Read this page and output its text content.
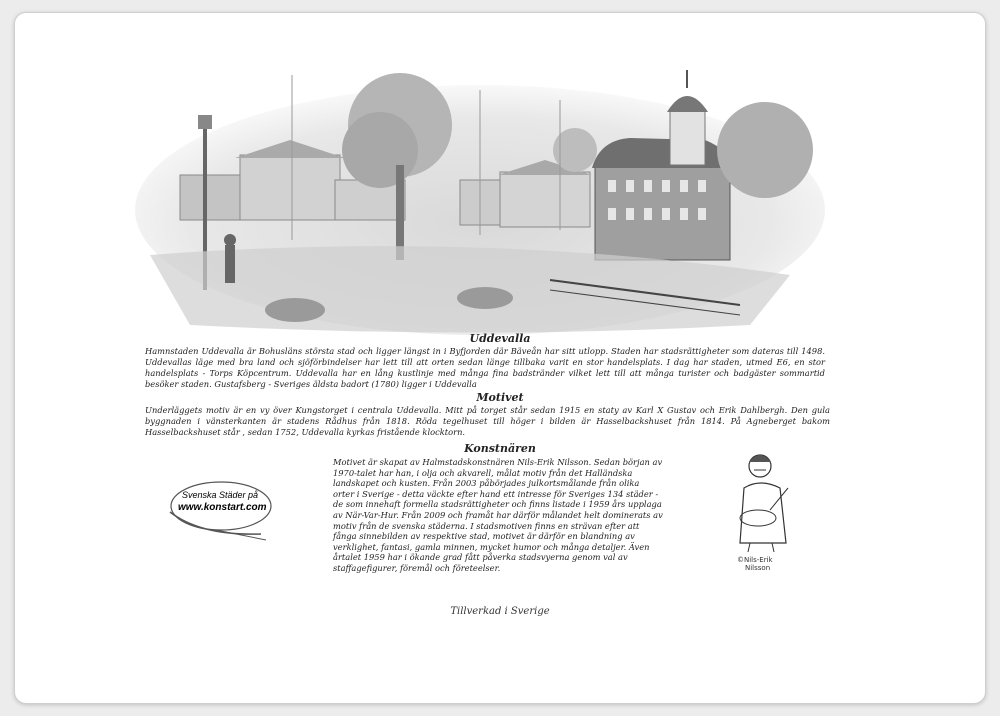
Uddevalla
Hamnstaden Uddevalla är Bohusläns största stad och ligger längst in i Byfjorden där Bäveån har sitt utlopp. Staden har stadsrättigheter som dateras till 1498. Uddevallas läge med bra land och sjöförbindelser har lett till att orten sedan länge tillbaka varit en stor handelsplats. I dag har staden, utmed E6, en stor handelsplats - Torps Köpcentrum. Uddevalla har en lång kustlinje med många fina badstränder vilket lett till att många turister och badgäster sommartid besöker staden. Gustafsberg - Sveriges äldsta badort (1780) ligger i Uddevalla
Motivet
Underläggets motiv är en vy över Kungstorget i centrala Uddevalla. Mitt på torget står sedan 1915 en staty av Karl X Gustav och Erik Dahlbergh. Den gula byggnaden i vänsterkanten är stadens Rådhus från 1818. Röda tegelhuset till höger i bilden är Hasselbackshuset från 1814. På Agneberget bakom Hasselbackshuset står , sedan 1752, Uddevalla kyrkas fristående klocktorn.
Konstnären
Motivet är skapat av Halmstadskonstnären Nils-Erik Nilsson. Sedan början av 1970-talet har han, i olja och akvarell, målat motiv från det Halländska landskapet och kusten. Från 2003 påbörjades julkortsmålande från olika orter i Sverige - detta väckte efter hand ett intresse för Sveriges 134 städer - de som innehaft formella stadsrättigheter och finns listade i 1959 års upplaga av När-Var-Hur. Från 2009 och framåt har därför målandet helt dominerats av motiv från de svenska städerna. I stadsmotiven finns en strävan efter att fånga sinnebilden av respektive stad, motivet är därför en blandning av verklighet, fantasi, gamla minnen, mycket humor och många detaljer. Även årtalet 1959 har i ökande grad fått påverka stadsvyerna genom val av staffagefigurer, föremål och företeelser.
Svenska Städer på
www.konstart.com
©Nils-Erik
Nilsson
Tillverkad i Sverige
